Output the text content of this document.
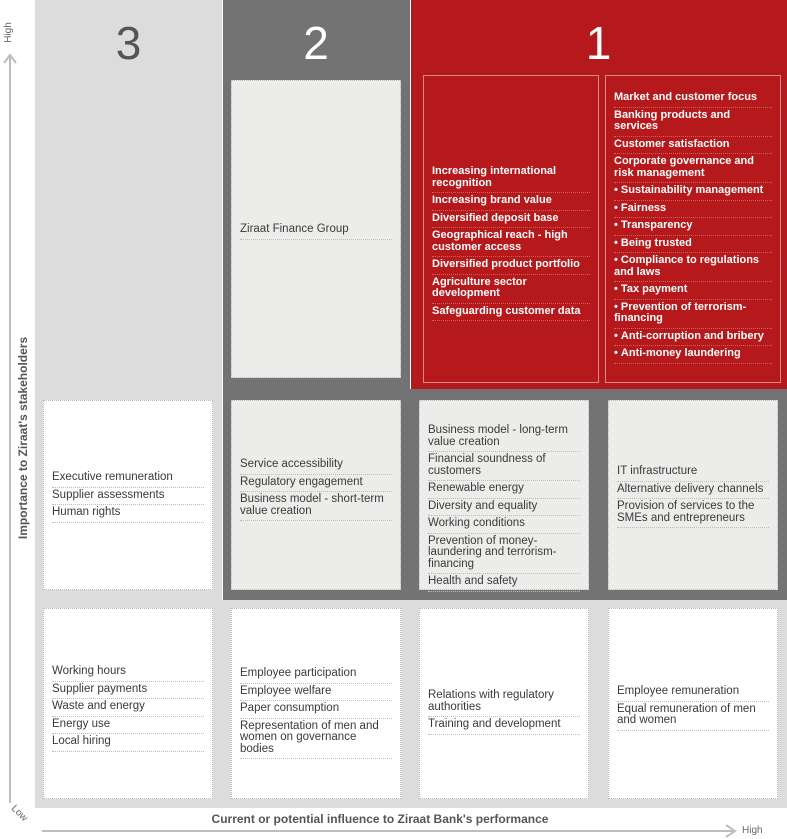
3	2	1
Increasing international recognition
Increasing brand value
Diversified deposit base
Geographical reach - high customer access
Diversified product portfolio
Agriculture sector development
Safeguarding customer data
Market and customer focus
Banking products and services
Customer satisfaction
Corporate governance and risk management
• Sustainability management
• Fairness
• Transparency
• Being trusted
• Compliance to regulations and laws
• Tax payment
• Prevention of terrorism-financing
• Anti-corruption and bribery
• Anti-money laundering
Ziraat Finance Group
Executive remuneration
Supplier assessments
Human rights
Service accessibility
Regulatory engagement
Business model - short-term value creation
Business model - long-term value creation
Financial soundness of customers
Renewable energy
Diversity and equality
Working conditions
Prevention of money-laundering and terrorism-financing
Health and safety
IT infrastructure
Alternative delivery channels
Provision of services to the SMEs and entrepreneurs
Working hours
Supplier payments
Waste and energy
Energy use
Local hiring
Employee participation
Employee welfare
Paper consumption
Representation of men and women on governance bodies
Relations with regulatory authorities
Training and development
Employee remuneration
Equal remuneration of men and women
High
Low
High
Importance to Ziraat's stakeholders
Current or potential influence to Ziraat Bank's performance
